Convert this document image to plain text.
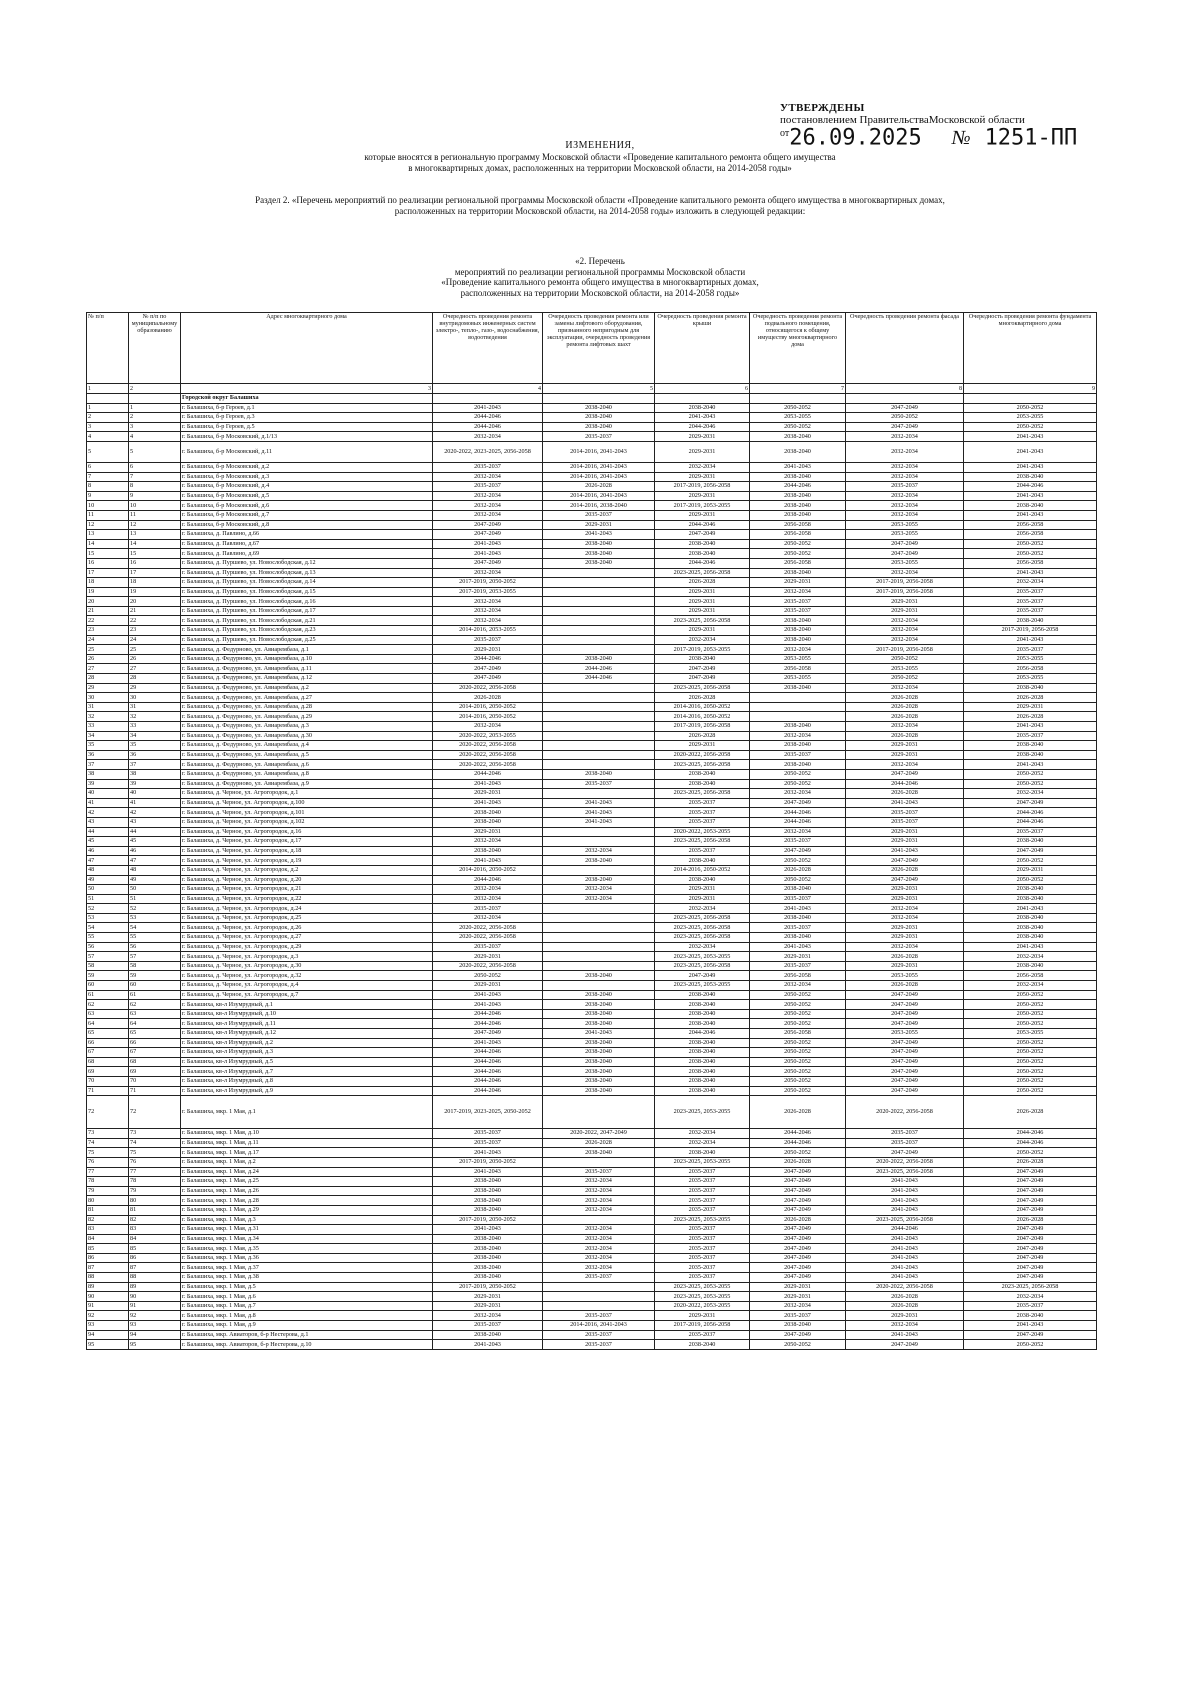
УТВЕРЖДЕНЫ
постановлением ПравительстваМосковской области
$^{от}$26.09.2025 № 1251-ПП
ИЗМЕНЕНИЯ,
которые вносятся в региональную программу Московской области «Проведение капитального ремонта общего имущества
в многоквартирных домах, расположенных на территории Московской области, на 2014-2058 годы»
Раздел 2. «Перечень мероприятий по реализации региональной программы Московской области «Проведение капитального ремонта общего имущества в многоквартирных домах,
расположенных на территории Московской области, на 2014-2058 годы» изложить в следующей редакции:
«2. Перечень
мероприятий по реализации региональной программы Московской области
«Проведение капитального ремонта общего имущества в многоквартирных домах,
расположенных на территории Московской области, на 2014-2058 годы»
№ п/п	№ п/п по муниципальному образованию	Адрес многоквартирного дома	Очередность проведения ремонта внутридомовых инженерных систем электро-, тепло-, газо-, водоснабжения, водоотведения	Очередность проведения ремонта или замены лифтового оборудования, признанного непригодным для эксплуатации, очередность проведения ремонта лифтовых шахт	Очередность проведения ремонта крыши	Очередность проведения ремонта подвального помещения, относящегося к общему имуществу многоквартирного дома	Очередность проведения ремонта фасада	Очередность проведения ремонта фундамента многоквартирного дома
1	2	3	4	5	6	7	8	9
		Городской округ Балашиха						
1	1	г. Балашиха, б-р Героев, д.1	2041-2043	2038-2040	2038-2040	2050-2052	2047-2049	2050-2052
2	2	г. Балашиха, б-р Героев, д.3	2044-2046	2038-2040	2041-2043	2053-2055	2050-2052	2053-2055
3	3	г. Балашиха, б-р Героев, д.5	2044-2046	2038-2040	2044-2046	2050-2052	2047-2049	2050-2052
4	4	г. Балашиха, б-р Московский, д.1/13	2032-2034	2035-2037	2029-2031	2038-2040	2032-2034	2041-2043
5	5	г. Балашиха, б-р Московский, д.11	2020-2022, 2023-2025, 2056-2058	2014-2016, 2041-2043	2029-2031	2038-2040	2032-2034	2041-2043
6	6	г. Балашиха, б-р Московский, д.2	2035-2037	2014-2016, 2041-2043	2032-2034	2041-2043	2032-2034	2041-2043
7	7	г. Балашиха, б-р Московский, д.3	2032-2034	2014-2016, 2041-2043	2029-2031	2038-2040	2032-2034	2038-2040
8	8	г. Балашиха, б-р Московский, д.4	2035-2037	2026-2028	2017-2019, 2056-2058	2044-2046	2035-2037	2044-2046
9	9	г. Балашиха, б-р Московский, д.5	2032-2034	2014-2016, 2041-2043	2029-2031	2038-2040	2032-2034	2041-2043
10	10	г. Балашиха, б-р Московский, д.6	2032-2034	2014-2016, 2038-2040	2017-2019, 2053-2055	2038-2040	2032-2034	2038-2040
11	11	г. Балашиха, б-р Московский, д.7	2032-2034	2035-2037	2029-2031	2038-2040	2032-2034	2041-2043
12	12	г. Балашиха, б-р Московский, д.8	2047-2049	2029-2031	2044-2046	2056-2058	2053-2055	2056-2058
13	13	г. Балашиха, д. Павлино, д.66	2047-2049	2041-2043	2047-2049	2056-2058	2053-2055	2056-2058
14	14	г. Балашиха, д. Павлино, д.67	2041-2043	2038-2040	2038-2040	2050-2052	2047-2049	2050-2052
15	15	г. Балашиха, д. Павлино, д.69	2041-2043	2038-2040	2038-2040	2050-2052	2047-2049	2050-2052
16	16	г. Балашиха, д. Пуршево, ул. Новослободская, д.12	2047-2049	2038-2040	2044-2046	2056-2058	2053-2055	2056-2058
17	17	г. Балашиха, д. Пуршево, ул. Новослободская, д.13	2032-2034		2023-2025, 2056-2058	2038-2040	2032-2034	2041-2043
18	18	г. Балашиха, д. Пуршево, ул. Новослободская, д.14	2017-2019, 2050-2052		2026-2028	2029-2031	2017-2019, 2056-2058	2032-2034
19	19	г. Балашиха, д. Пуршево, ул. Новослободская, д.15	2017-2019, 2053-2055		2029-2031	2032-2034	2017-2019, 2056-2058	2035-2037
20	20	г. Балашиха, д. Пуршево, ул. Новослободская, д.16	2032-2034		2029-2031	2035-2037	2029-2031	2035-2037
21	21	г. Балашиха, д. Пуршево, ул. Новослободская, д.17	2032-2034		2029-2031	2035-2037	2029-2031	2035-2037
22	22	г. Балашиха, д. Пуршево, ул. Новослободская, д.21	2032-2034		2023-2025, 2056-2058	2038-2040	2032-2034	2038-2040
23	23	г. Балашиха, д. Пуршево, ул. Новослободская, д.23	2014-2016, 2053-2055		2029-2031	2038-2040	2032-2034	2017-2019, 2056-2058
24	24	г. Балашиха, д. Пуршево, ул. Новослободская, д.25	2035-2037		2032-2034	2038-2040	2032-2034	2041-2043
25	25	г. Балашиха, д. Федурново, ул. Авиарембаза, д.1	2029-2031		2017-2019, 2053-2055	2032-2034	2017-2019, 2056-2058	2035-2037
26	26	г. Балашиха, д. Федурново, ул. Авиарембаза, д.10	2044-2046	2038-2040	2038-2040	2053-2055	2050-2052	2053-2055
27	27	г. Балашиха, д. Федурново, ул. Авиарембаза, д.11	2047-2049	2044-2046	2047-2049	2056-2058	2053-2055	2056-2058
28	28	г. Балашиха, д. Федурново, ул. Авиарембаза, д.12	2047-2049	2044-2046	2047-2049	2053-2055	2050-2052	2053-2055
29	29	г. Балашиха, д. Федурново, ул. Авиарембаза, д.2	2020-2022, 2056-2058		2023-2025, 2056-2058	2038-2040	2032-2034	2038-2040
30	30	г. Балашиха, д. Федурново, ул. Авиарембаза, д.27	2026-2028		2026-2028		2026-2028	2026-2028
31	31	г. Балашиха, д. Федурново, ул. Авиарембаза, д.28	2014-2016, 2050-2052		2014-2016, 2050-2052		2026-2028	2029-2031
32	32	г. Балашиха, д. Федурново, ул. Авиарембаза, д.29	2014-2016, 2050-2052		2014-2016, 2050-2052		2026-2028	2026-2028
33	33	г. Балашиха, д. Федурново, ул. Авиарембаза, д.3	2032-2034		2017-2019, 2056-2058	2038-2040	2032-2034	2041-2043
34	34	г. Балашиха, д. Федурново, ул. Авиарембаза, д.30	2020-2022, 2053-2055		2026-2028	2032-2034	2026-2028	2035-2037
35	35	г. Балашиха, д. Федурново, ул. Авиарембаза, д.4	2020-2022, 2056-2058		2029-2031	2038-2040	2029-2031	2038-2040
36	36	г. Балашиха, д. Федурново, ул. Авиарембаза, д.5	2020-2022, 2056-2058		2020-2022, 2056-2058	2035-2037	2029-2031	2038-2040
37	37	г. Балашиха, д. Федурново, ул. Авиарембаза, д.6	2020-2022, 2056-2058		2023-2025, 2056-2058	2038-2040	2032-2034	2041-2043
38	38	г. Балашиха, д. Федурново, ул. Авиарембаза, д.8	2044-2046	2038-2040	2038-2040	2050-2052	2047-2049	2050-2052
39	39	г. Балашиха, д. Федурново, ул. Авиарембаза, д.9	2041-2043	2035-2037	2038-2040	2050-2052	2044-2046	2050-2052
40	40	г. Балашиха, д. Черное, ул. Агрогородок, д.1	2029-2031		2023-2025, 2056-2058	2032-2034	2026-2028	2032-2034
41	41	г. Балашиха, д. Черное, ул. Агрогородок, д.100	2041-2043	2041-2043	2035-2037	2047-2049	2041-2043	2047-2049
42	42	г. Балашиха, д. Черное, ул. Агрогородок, д.101	2038-2040	2041-2043	2035-2037	2044-2046	2035-2037	2044-2046
43	43	г. Балашиха, д. Черное, ул. Агрогородок, д.102	2038-2040	2041-2043	2035-2037	2044-2046	2035-2037	2044-2046
44	44	г. Балашиха, д. Черное, ул. Агрогородок, д.16	2029-2031		2020-2022, 2053-2055	2032-2034	2029-2031	2035-2037
45	45	г. Балашиха, д. Черное, ул. Агрогородок, д.17	2032-2034		2023-2025, 2056-2058	2035-2037	2029-2031	2038-2040
46	46	г. Балашиха, д. Черное, ул. Агрогородок, д.18	2038-2040	2032-2034	2035-2037	2047-2049	2041-2043	2047-2049
47	47	г. Балашиха, д. Черное, ул. Агрогородок, д.19	2041-2043	2038-2040	2038-2040	2050-2052	2047-2049	2050-2052
48	48	г. Балашиха, д. Черное, ул. Агрогородок, д.2	2014-2016, 2050-2052		2014-2016, 2050-2052	2026-2028	2026-2028	2029-2031
49	49	г. Балашиха, д. Черное, ул. Агрогородок, д.20	2044-2046	2038-2040	2038-2040	2050-2052	2047-2049	2050-2052
50	50	г. Балашиха, д. Черное, ул. Агрогородок, д.21	2032-2034	2032-2034	2029-2031	2038-2040	2029-2031	2038-2040
51	51	г. Балашиха, д. Черное, ул. Агрогородок, д.22	2032-2034	2032-2034	2029-2031	2035-2037	2029-2031	2038-2040
52	52	г. Балашиха, д. Черное, ул. Агрогородок, д.24	2035-2037		2032-2034	2041-2043	2032-2034	2041-2043
53	53	г. Балашиха, д. Черное, ул. Агрогородок, д.25	2032-2034		2023-2025, 2056-2058	2038-2040	2032-2034	2038-2040
54	54	г. Балашиха, д. Черное, ул. Агрогородок, д.26	2020-2022, 2056-2058		2023-2025, 2056-2058	2035-2037	2029-2031	2038-2040
55	55	г. Балашиха, д. Черное, ул. Агрогородок, д.27	2020-2022, 2056-2058		2023-2025, 2056-2058	2038-2040	2029-2031	2038-2040
56	56	г. Балашиха, д. Черное, ул. Агрогородок, д.29	2035-2037		2032-2034	2041-2043	2032-2034	2041-2043
57	57	г. Балашиха, д. Черное, ул. Агрогородок, д.3	2029-2031		2023-2025, 2053-2055	2029-2031	2026-2028	2032-2034
58	58	г. Балашиха, д. Черное, ул. Агрогородок, д.30	2020-2022, 2056-2058		2023-2025, 2056-2058	2035-2037	2029-2031	2038-2040
59	59	г. Балашиха, д. Черное, ул. Агрогородок, д.32	2050-2052	2038-2040	2047-2049	2056-2058	2053-2055	2056-2058
60	60	г. Балашиха, д. Черное, ул. Агрогородок, д.4	2029-2031		2023-2025, 2053-2055	2032-2034	2026-2028	2032-2034
61	61	г. Балашиха, д. Черное, ул. Агрогородок, д.7	2041-2043	2038-2040	2038-2040	2050-2052	2047-2049	2050-2052
62	62	г. Балашиха, кв-л Изумрудный, д.1	2041-2043	2038-2040	2038-2040	2050-2052	2047-2049	2050-2052
63	63	г. Балашиха, кв-л Изумрудный, д.10	2044-2046	2038-2040	2038-2040	2050-2052	2047-2049	2050-2052
64	64	г. Балашиха, кв-л Изумрудный, д.11	2044-2046	2038-2040	2038-2040	2050-2052	2047-2049	2050-2052
65	65	г. Балашиха, кв-л Изумрудный, д.12	2047-2049	2041-2043	2044-2046	2056-2058	2053-2055	2053-2055
66	66	г. Балашиха, кв-л Изумрудный, д.2	2041-2043	2038-2040	2038-2040	2050-2052	2047-2049	2050-2052
67	67	г. Балашиха, кв-л Изумрудный, д.3	2044-2046	2038-2040	2038-2040	2050-2052	2047-2049	2050-2052
68	68	г. Балашиха, кв-л Изумрудный, д.5	2044-2046	2038-2040	2038-2040	2050-2052	2047-2049	2050-2052
69	69	г. Балашиха, кв-л Изумрудный, д.7	2044-2046	2038-2040	2038-2040	2050-2052	2047-2049	2050-2052
70	70	г. Балашиха, кв-л Изумрудный, д.8	2044-2046	2038-2040	2038-2040	2050-2052	2047-2049	2050-2052
71	71	г. Балашиха, кв-л Изумрудный, д.9	2044-2046	2038-2040	2038-2040	2050-2052	2047-2049	2050-2052
72	72	г. Балашиха, мкр. 1 Мая, д.1	2017-2019, 2023-2025, 2050-2052		2023-2025, 2053-2055	2026-2028	2020-2022, 2056-2058	2026-2028
73	73	г. Балашиха, мкр. 1 Мая, д.10	2035-2037	2020-2022, 2047-2049	2032-2034	2044-2046	2035-2037	2044-2046
74	74	г. Балашиха, мкр. 1 Мая, д.11	2035-2037	2026-2028	2032-2034	2044-2046	2035-2037	2044-2046
75	75	г. Балашиха, мкр. 1 Мая, д.17	2041-2043	2038-2040	2038-2040	2050-2052	2047-2049	2050-2052
76	76	г. Балашиха, мкр. 1 Мая, д.2	2017-2019, 2050-2052		2023-2025, 2053-2055	2026-2028	2020-2022, 2056-2058	2026-2028
77	77	г. Балашиха, мкр. 1 Мая, д.24	2041-2043	2035-2037	2035-2037	2047-2049	2023-2025, 2056-2058	2047-2049
78	78	г. Балашиха, мкр. 1 Мая, д.25	2038-2040	2032-2034	2035-2037	2047-2049	2041-2043	2047-2049
79	79	г. Балашиха, мкр. 1 Мая, д.26	2038-2040	2032-2034	2035-2037	2047-2049	2041-2043	2047-2049
80	80	г. Балашиха, мкр. 1 Мая, д.28	2038-2040	2032-2034	2035-2037	2047-2049	2041-2043	2047-2049
81	81	г. Балашиха, мкр. 1 Мая, д.29	2038-2040	2032-2034	2035-2037	2047-2049	2041-2043	2047-2049
82	82	г. Балашиха, мкр. 1 Мая, д.3	2017-2019, 2050-2052		2023-2025, 2053-2055	2026-2028	2023-2025, 2056-2058	2026-2028
83	83	г. Балашиха, мкр. 1 Мая, д.31	2041-2043	2032-2034	2035-2037	2047-2049	2044-2046	2047-2049
84	84	г. Балашиха, мкр. 1 Мая, д.34	2038-2040	2032-2034	2035-2037	2047-2049	2041-2043	2047-2049
85	85	г. Балашиха, мкр. 1 Мая, д.35	2038-2040	2032-2034	2035-2037	2047-2049	2041-2043	2047-2049
86	86	г. Балашиха, мкр. 1 Мая, д.36	2038-2040	2032-2034	2035-2037	2047-2049	2041-2043	2047-2049
87	87	г. Балашиха, мкр. 1 Мая, д.37	2038-2040	2032-2034	2035-2037	2047-2049	2041-2043	2047-2049
88	88	г. Балашиха, мкр. 1 Мая, д.38	2038-2040	2035-2037	2035-2037	2047-2049	2041-2043	2047-2049
89	89	г. Балашиха, мкр. 1 Мая, д.5	2017-2019, 2050-2052		2023-2025, 2053-2055	2029-2031	2020-2022, 2056-2058	2023-2025, 2056-2058
90	90	г. Балашиха, мкр. 1 Мая, д.6	2029-2031		2023-2025, 2053-2055	2029-2031	2026-2028	2032-2034
91	91	г. Балашиха, мкр. 1 Мая, д.7	2029-2031		2020-2022, 2053-2055	2032-2034	2026-2028	2035-2037
92	92	г. Балашиха, мкр. 1 Мая, д.8	2032-2034	2035-2037	2029-2031	2035-2037	2029-2031	2038-2040
93	93	г. Балашиха, мкр. 1 Мая, д.9	2035-2037	2014-2016, 2041-2043	2017-2019, 2056-2058	2038-2040	2032-2034	2041-2043
94	94	г. Балашиха, мкр. Авиаторов, б-р Нестерова, д.1	2038-2040	2035-2037	2035-2037	2047-2049	2041-2043	2047-2049
95	95	г. Балашиха, мкр. Авиаторов, б-р Нестерова, д.10	2041-2043	2035-2037	2038-2040	2050-2052	2047-2049	2050-2052
